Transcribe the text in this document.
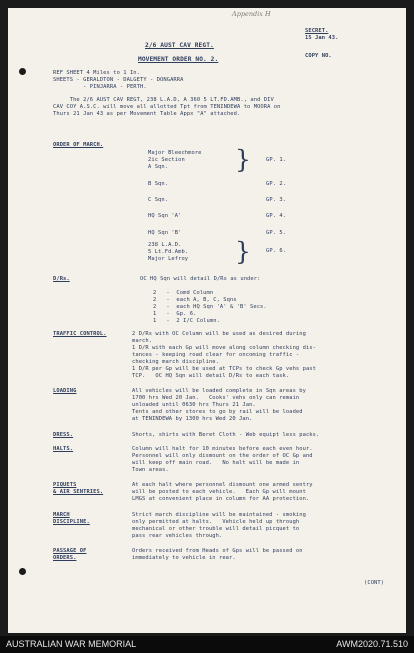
Appendix H
SECRET.
15 Jan 43.
COPY NO.
2/6 AUST CAV REGT.
MOVEMENT ORDER NO. 2.
REF SHEET 4 Miles to 1 In.
SHEETS - GERALDTON - DALGETY - DONGARRA
- PINJARRA - PERTH.
The 2/6 AUST CAV REGT, 238 L.A.D, A 360 5 LT.FD.AMB., and DIV
CAV COY A.S.C. will move all allotted Tpt from TENINDEWA to MOORA on
Thurs 21 Jan 43 as per Movement Table Appx "A" attached.
ORDER OF MARCH.
Major Bleechmore
2ic Section
A Sqn.	}	GP. 1.
B Sqn.	GP. 2.
C Sqn.	GP. 3.
HQ Sqn 'A'	GP. 4.
HQ Sqn 'B'	GP. 5.
238 L.A.D.
5 Lt.Fd.Amb.
Major Lefroy }	GP. 6.
D/Rs.	OC HQ Sqn will detail D/Rs as under:
2   -  Comd Column
2   -  each A, B, C, Sqns
2   -  each HQ Sqn 'A' & 'B' Secs.
1   -  Gp. 6.
1   -  2 I/C Column.
TRAFFIC CONTROL.	2 D/Rs with OC Column will be used as desired during
march.
1 D/R with each Gp will move along column checking dis-
tances - keeping road clear for oncoming traffic -
checking march discipline.
1 D/R per Gp will be used at TCPs to check Gp vehs past
TCP.   OC HQ Sqn will detail D/Rs to each task.
LOADING	All vehicles will be loaded complete in Sqn areas by
1700 hrs Wed 20 Jan.   Cooks' vehs only can remain
unloaded until 0630 hrs Thurs 21 Jan.
Tents and other stores to go by rail will be loaded
at TENINDEWA by 1300 hrs Wed 20 Jan.
DRESS.	Shorts, shirts with Beret Cloth - Web equipt less packs.
HALTS.	Column will halt for 10 minutes before each even hour.
Personnel will only dismount on the order of OC Gp and
will keep off main road.   No halt will be made in
Town areas.
PIQUETS
& AIR SENTRIES.
At each halt where personnel dismount one armed sentry
will be posted to each vehicle.   Each Gp will mount
LMGS at convenient place in column for AA protection.
MARCH
DISCIPLINE.
Strict march discipline will be maintained - smoking
only permitted at halts.   Vehicle held up through
mechanical or other trouble will detail picquet to
pass rear vehicles through.
PASSAGE OF
ORDERS.
Orders received from Heads of Gps will be passed on
immediately to vehicle in rear.
(CONT)
AUSTRALIAN WAR MEMORIAL	AWM2020.71.510
